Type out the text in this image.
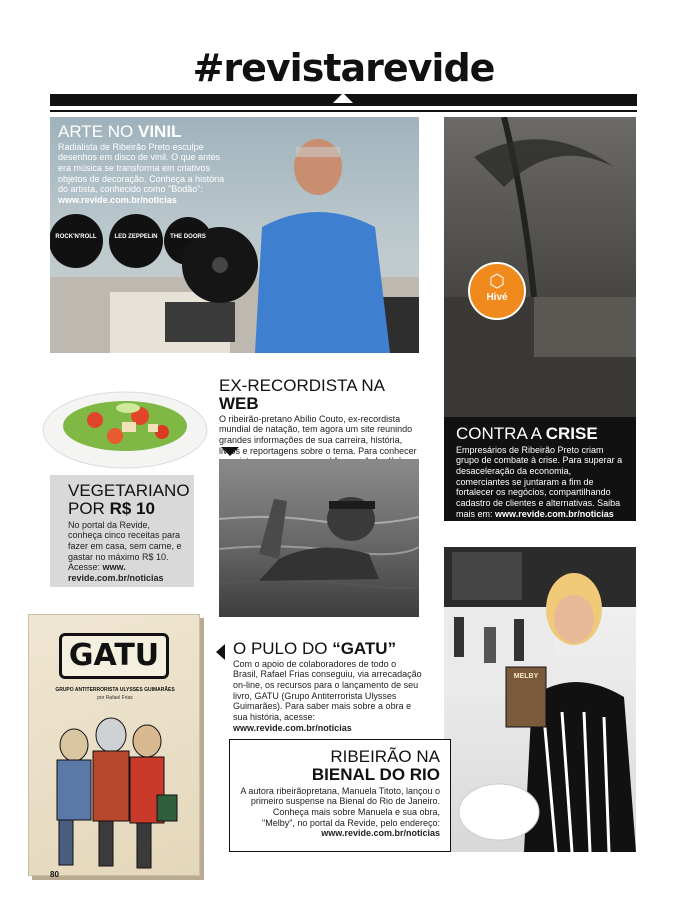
#revistarevide
ROCK'N'ROLL	LED ZEPPELIN	THE DOORS
ARTE NO VINIL
Radialista de Ribeirão Preto esculpe desenhos em disco de vinil. O que antes era música se transforma em criativos objetos de decoração. Conheça a história do artista, conhecido como "Bodão": www.revide.com.br/noticias
⬡
Hivé
CONTRA A CRISE
Empresários de Ribeirão Preto criam grupo de combate à crise. Para superar a desaceleração da economia, comerciantes se juntaram a fim de fortalecer os negócios, compartilhando cadastro de clientes e alternativas. Saiba mais em: www.revide.com.br/noticias
VEGETARIANO
POR R$ 10
No portal da Revide, conheça cinco receitas para fazer em casa, sem carne, e gastar no máximo R$ 10. Acesse: www. revide.com.br/noticias
EX-RECORDISTA NA WEB
O ribeirão-pretano Abílio Couto, ex-recordista mundial de natação, tem agora um site reunindo grandes informações de sua carreira, história, livros e reportagens sobre o tema. Para conhecer
GATU
GRUPO ANTITERRORISTA ULYSSES GUIMARÃES
por Rafael Frias
O PULO DO “GATU”
Com o apoio de colaboradores de todo o Brasil, Rafael Frias conseguiu, via arrecadação on-line, os recursos para o lançamento de seu livro, GATU (Grupo Antiterrorista Ulysses Guimarães). Para saber mais sobre a obra e sua história, acesse: www.revide.com.br/noticias
MELBY
RIBEIRÃO NA
BIENAL DO RIO
A autora ribeirãopretana, Manuela Titoto, lançou o primeiro suspense na Bienal do Rio de Janeiro. Conheça mais sobre Manuela e sua obra, "Melby", no portal da Revide, pelo endereço: www.revide.com.br/noticias
80
